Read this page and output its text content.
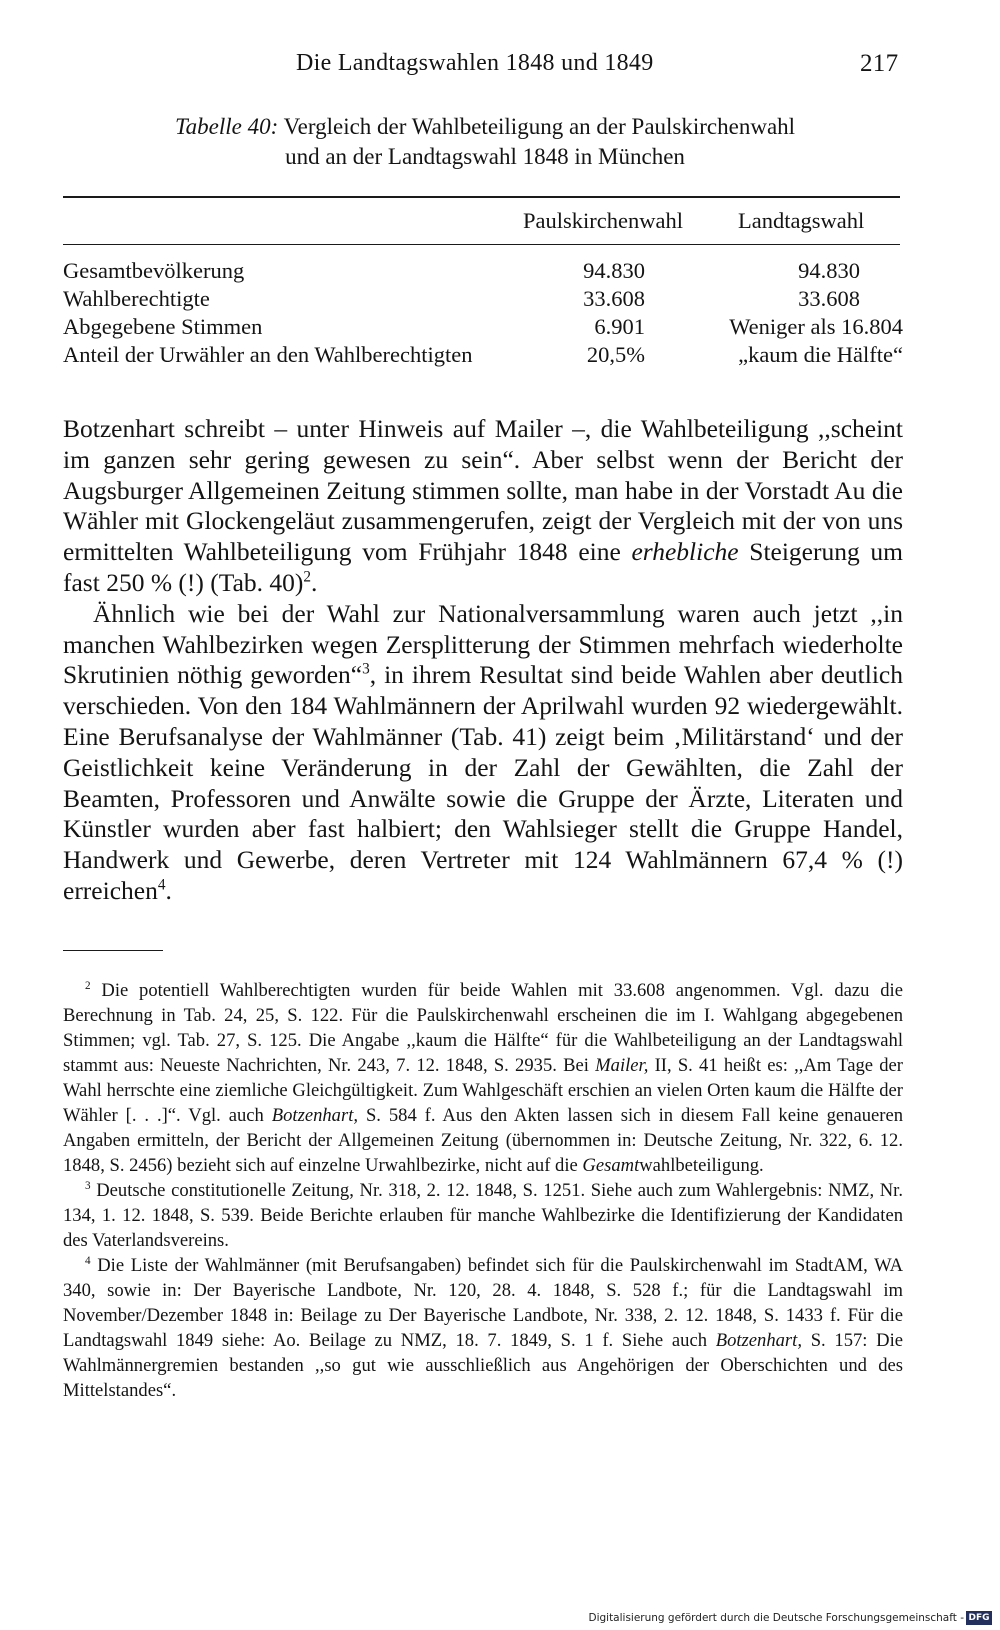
Die Landtagswahlen 1848 und 1849	217
Tabelle 40: Vergleich der Wahlbeteiligung an der Paulskirchenwahl
und an der Landtagswahl 1848 in München
Paulskirchenwahl Landtagswahl
Gesamtbevölkerung	94.830	94.830
Wahlberechtigte	33.608	33.608
Abgegebene Stimmen	6.901	Weniger als 16.804
Anteil der Urwähler an den Wahlberechtigten	20,5%	„kaum die Hälfte“

Botzenhart schreibt – unter Hinweis auf Mailer –, die Wahlbeteiligung ,,scheint im ganzen sehr gering gewesen zu sein“. Aber selbst wenn der Bericht der Augsburger Allgemeinen Zeitung stimmen sollte, man habe in der Vorstadt Au die Wähler mit Glockengeläut zusammengerufen, zeigt der Vergleich mit der von uns ermittelten Wahlbeteiligung vom Frühjahr 1848 eine erhebliche Steigerung um fast 250 % (!) (Tab. 40)$^2$.

Ähnlich wie bei der Wahl zur Nationalversammlung waren auch jetzt ,,in manchen Wahlbezirken wegen Zersplitterung der Stimmen mehrfach wiederholte Skrutinien nöthig geworden“$^3$, in ihrem Resultat sind beide Wahlen aber deutlich verschieden. Von den 184 Wahlmännern der Aprilwahl wurden 92 wiedergewählt. Eine Berufsanalyse der Wahlmänner (Tab. 41) zeigt beim ‚Militärstand‘ und der Geistlichkeit keine Veränderung in der Zahl der Gewählten, die Zahl der Beamten, Professoren und Anwälte sowie die Gruppe der Ärzte, Literaten und Künstler wurden aber fast halbiert; den Wahlsieger stellt die Gruppe Handel, Handwerk und Gewerbe, deren Vertreter mit 124 Wahlmännern 67,4 % (!) erreichen$^4$.

$^2$ Die potentiell Wahlberechtigten wurden für beide Wahlen mit 33.608 angenommen. Vgl. dazu die Berechnung in Tab. 24, 25, S. 122. Für die Paulskirchenwahl erscheinen die im I. Wahlgang abgegebenen Stimmen; vgl. Tab. 27, S. 125. Die Angabe ,,kaum die Hälfte“ für die Wahlbeteiligung an der Landtagswahl stammt aus: Neueste Nachrichten, Nr. 243, 7. 12. 1848, S. 2935. Bei Mailer, II, S. 41 heißt es: ,,Am Tage der Wahl herrschte eine ziemliche Gleichgültigkeit. Zum Wahlgeschäft erschien an vielen Orten kaum die Hälfte der Wähler [. . .]“. Vgl. auch Botzenhart, S. 584 f. Aus den Akten lassen sich in diesem Fall keine genaueren Angaben ermitteln, der Bericht der Allgemeinen Zeitung (übernommen in: Deutsche Zeitung, Nr. 322, 6. 12. 1848, S. 2456) bezieht sich auf einzelne Urwahlbezirke, nicht auf die Gesamtwahlbeteiligung.

$^3$ Deutsche constitutionelle Zeitung, Nr. 318, 2. 12. 1848, S. 1251. Siehe auch zum Wahlergebnis: NMZ, Nr. 134, 1. 12. 1848, S. 539. Beide Berichte erlauben für manche Wahlbezirke die Identifizierung der Kandidaten des Vaterlandsvereins.

$^4$ Die Liste der Wahlmänner (mit Berufsangaben) befindet sich für die Paulskirchenwahl im StadtAM, WA 340, sowie in: Der Bayerische Landbote, Nr. 120, 28. 4. 1848, S. 528 f.; für die Landtagswahl im November/Dezember 1848 in: Beilage zu Der Bayerische Landbote, Nr. 338, 2. 12. 1848, S. 1433 f. Für die Landtagswahl 1849 siehe: Ao. Beilage zu NMZ, 18. 7. 1849, S. 1 f. Siehe auch Botzenhart, S. 157: Die Wahlmännergremien bestanden ,,so gut wie ausschließlich aus Angehörigen der Oberschichten und des Mittelstandes“.

Digitalisierung gefördert durch die Deutsche Forschungsgemeinschaft - DFG
